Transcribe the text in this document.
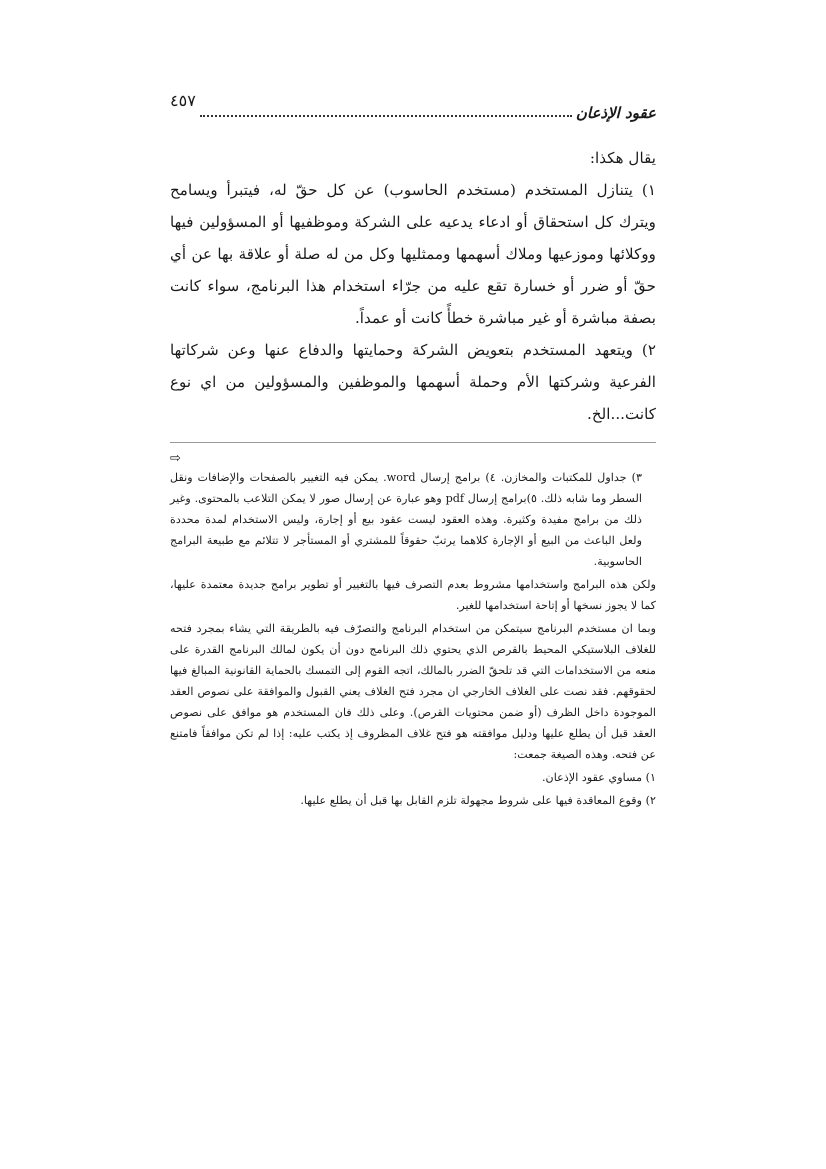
عقود الإذعان
٤٥٧

يقال هكذا:

١) يتنازل المستخدم (مستخدم الحاسوب) عن كل حقّ له، فيتبرأ ويسامح ويترك كل استحقاق أو ادعاء يدعيه على الشركة وموظفيها أو المسؤولين فيها ووكلائها وموزعيها وملاك أسهمها وممثليها وكل من له صلة أو علاقة بها عن أي حقّ أو ضرر أو خسارة تقع عليه من جرّاء استخدام هذا البرنامج، سواء كانت بصفة مباشرة أو غير مباشرة خطأً كانت أو عمداً.

٢) ويتعهد المستخدم بتعويض الشركة وحمايتها والدفاع عنها وعن شركاتها الفرعية وشركتها الأم وحملة أسهمها والموظفين والمسؤولين من اي نوع كانت...الخ.

⇨

٣) جداول للمكتبات والمخازن. ٤) برامج إرسال word. يمكن فيه التغيير بالصفحات والإضافات ونقل السطر وما شابه ذلك. ٥)برامج إرسال pdf وهو عبارة عن إرسال صور لا يمكن التلاعب بالمحتوى. وغير ذلك من برامج مفيدة وكثيرة. وهذه العقود ليست عقود بيع أو إجارة، وليس الاستخدام لمدة محددة ولعل الباعث من البيع أو الإجارة كلاهما يرتبّ حقوقاً للمشتري أو المستأجر لا تتلائم مع طبيعة البرامج الحاسوبية.

ولكن هذه البرامج واستخدامها مشروط بعدم التصرف فيها بالتغيير أو تطوير برامج جديدة معتمدة عليها، كما لا يجوز نسخها أو إتاحة استخدامها للغير.

وبما ان مستخدم البرنامج سيتمكن من استخدام البرنامج والتصرّف فيه بالطريقة التي يشاء بمجرد فتحه للغلاف البلاستيكي المحيط بالقرص الذي يحتوي ذلك البرنامج دون أن يكون لمالك البرنامج القدرة على منعه من الاستخدامات التي قد تلحقّ الضرر بالمالك، اتجه القوم إلى التمسك بالحماية القانونية المبالغ فيها لحقوقهم. فقد نصت على الغلاف الخارجي ان مجرد فتح الغلاف يعني القبول والموافقة على نصوص العقد الموجودة داخل الظرف (أو ضمن محتويات القرص). وعلى ذلك فان المستخدم هو موافق على نصوص العقد قبل أن يطلع عليها ودليل موافقته هو فتح غلاف المظروف إذ يكتب عليه: إذا لم تكن موافقاً فامتنع عن فتحه. وهذه الصيغة جمعت:

١) مساوي عقود الإذعان.

٢) وقوع المعاقدة فيها على شروط مجهولة تلزم القابل بها قبل أن يطلع عليها.
